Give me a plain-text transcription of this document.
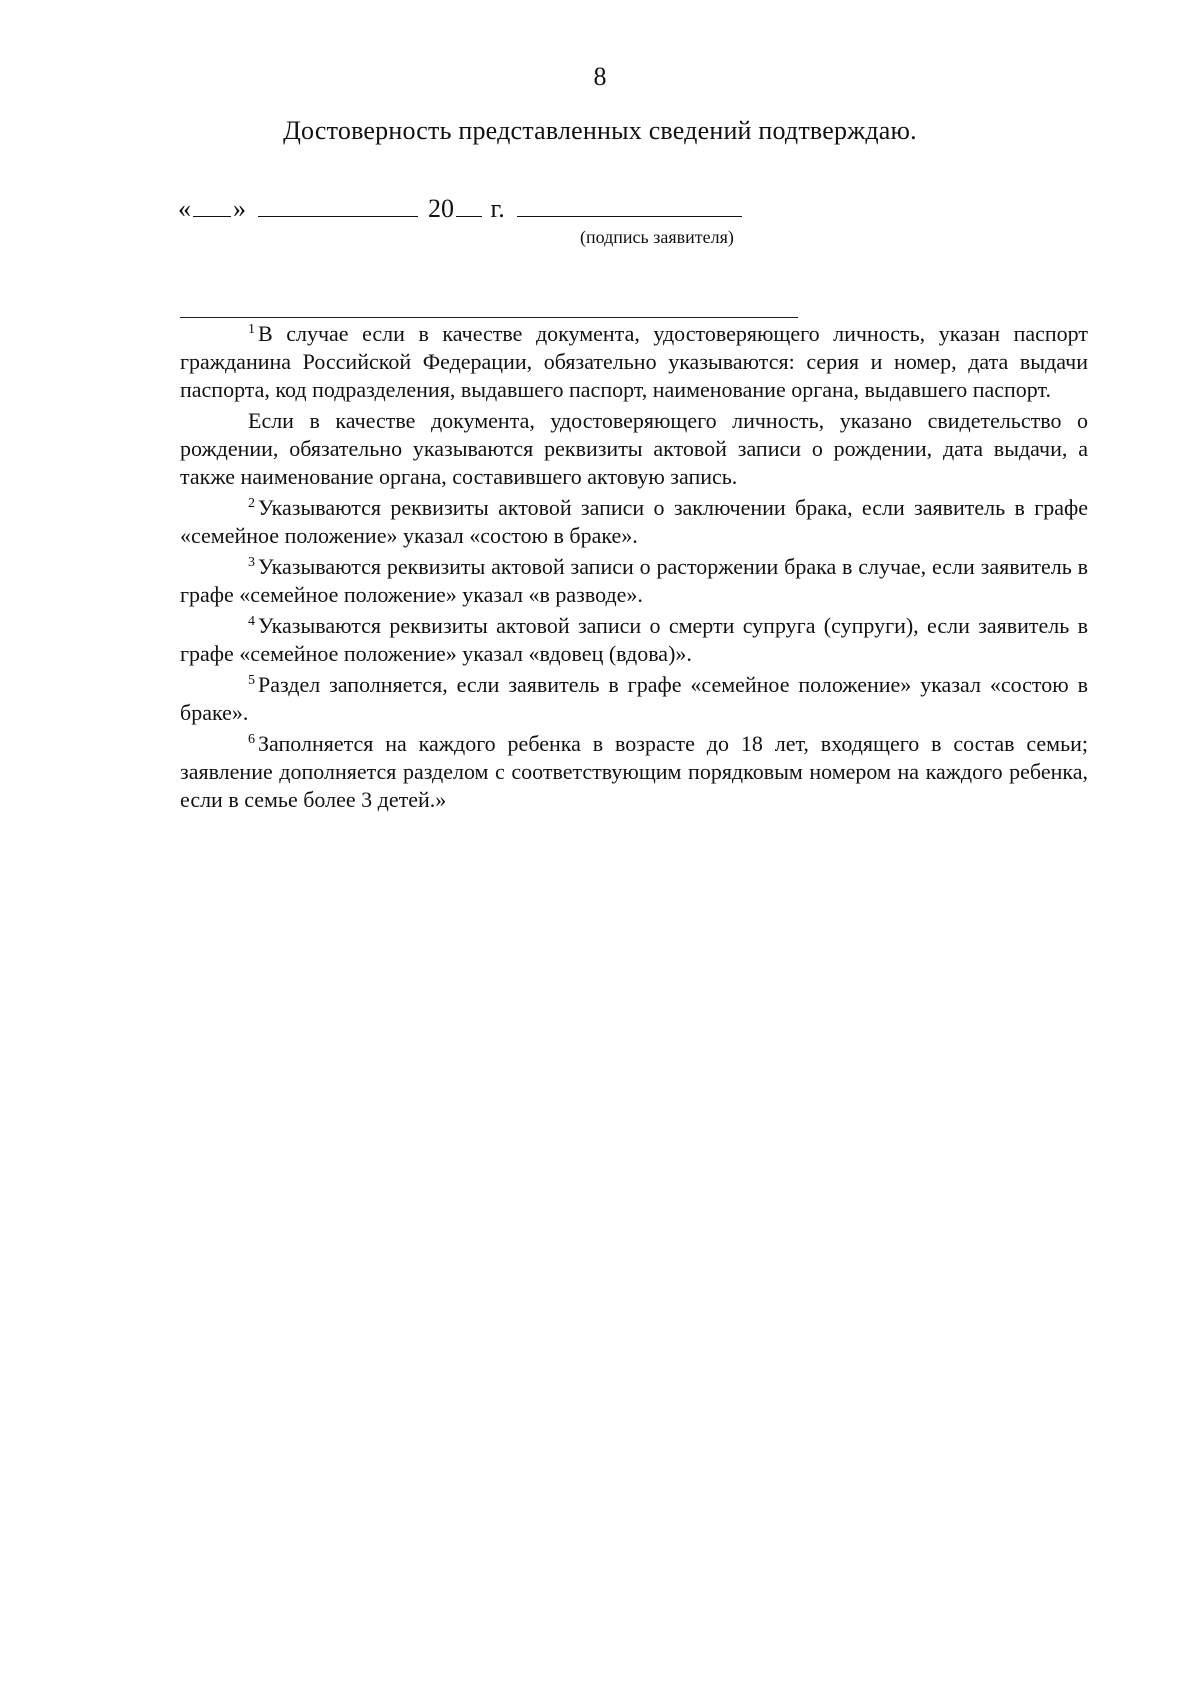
8
Достоверность представленных сведений подтверждаю.
« »	20 г.
(подпись заявителя)

$^1$ В случае если в качестве документа, удостоверяющего личность, указан паспорт гражданина Российской Федерации, обязательно указываются: серия и номер, дата выдачи паспорта, код подразделения, выдавшего паспорт, наименование органа, выдавшего паспорт.

Если в качестве документа, удостоверяющего личность, указано свидетельство о рождении, обязательно указываются реквизиты актовой записи о рождении, дата выдачи, а также наименование органа, составившего актовую запись.

$^2$ Указываются реквизиты актовой записи о заключении брака, если заявитель в графе «семейное положение» указал «состою в браке».

$^3$ Указываются реквизиты актовой записи о расторжении брака в случае, если заявитель в графе «семейное положение» указал «в разводе».

$^4$ Указываются реквизиты актовой записи о смерти супруга (супруги), если заявитель в графе «семейное положение» указал «вдовец (вдова)».

$^5$ Раздел заполняется, если заявитель в графе «семейное положение» указал «состою в браке».

$^6$ Заполняется на каждого ребенка в возрасте до 18 лет, входящего в состав семьи; заявление дополняется разделом с соответствующим порядковым номером на каждого ребенка, если в семье более 3 детей.»
